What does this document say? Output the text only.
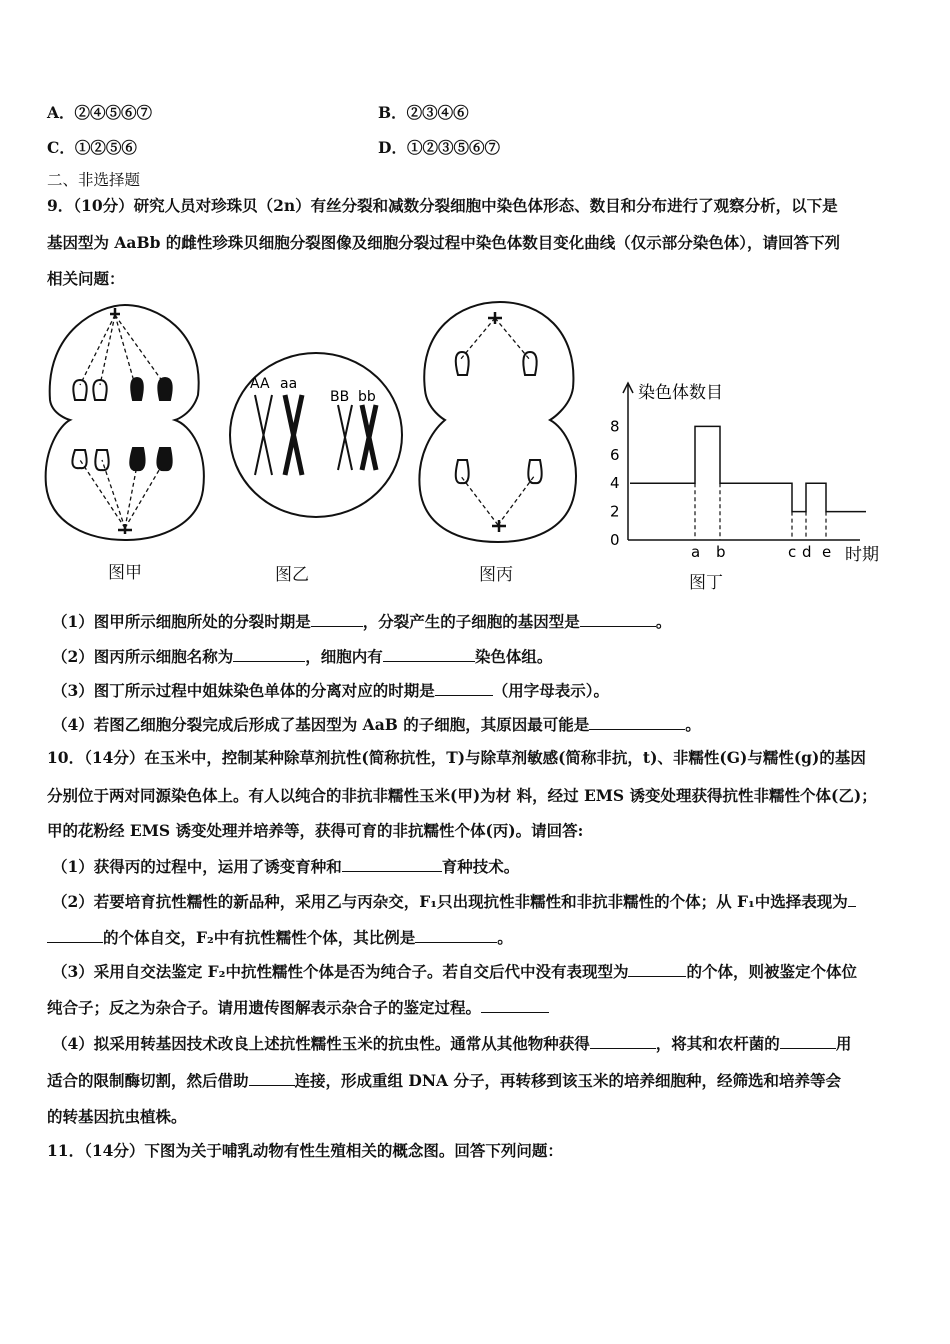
A．②④⑤⑥⑦	B．②③④⑥
C．①②⑤⑥	D．①②③⑤⑥⑦
二、非选择题
9．（10分）研究人员对珍珠贝（2n）有丝分裂和减数分裂细胞中染色体形态、数目和分布进行了观察分析，以下是
基因型为 AaBb 的雌性珍珠贝细胞分裂图像及细胞分裂过程中染色体数目变化曲线（仅示部分染色体），请回答下列
相关问题：
AA aa
BB bb
0
2
4
6
8
a b	c d e
染色体数目
时期
图甲	图乙	图丙	图丁
（1）图甲所示细胞所处的分裂时期是	，分裂产生的子细胞的基因型是	。
（2）图丙所示细胞名称为	，细胞内有	染色体组。
（3）图丁所示过程中姐妹染色单体的分离对应的时期是	（用字母表示）。
（4）若图乙细胞分裂完成后形成了基因型为 AaB 的子细胞，其原因最可能是	。
10．（14分）在玉米中，控制某种除草剂抗性(简称抗性，T)与除草剂敏感(简称非抗，t)、非糯性(G)与糯性(g)的基因
分别位于两对同源染色体上。有人以纯合的非抗非糯性玉米(甲)为材 料，经过 EMS 诱变处理获得抗性非糯性个体(乙)；
甲的花粉经 EMS 诱变处理并培养等，获得可育的非抗糯性个体(丙)。请回答:
（1）获得丙的过程中，运用了诱变育种和	育种技术。
（2）若要培育抗性糯性的新品种，采用乙与丙杂交，F₁只出现抗性非糯性和非抗非糯性的个体；从 F₁中选择表现为
的个体自交，F₂中有抗性糯性个体，其比例是	。
（3）采用自交法鉴定 F₂中抗性糯性个体是否为纯合子。若自交后代中没有表现型为	的个体，则被鉴定个体位
纯合子；反之为杂合子。请用遗传图解表示杂合子的鉴定过程。
（4）拟采用转基因技术改良上述抗性糯性玉米的抗虫性。通常从其他物种获得	，将其和农杆菌的	用
适合的限制酶切割，然后借助	连接，形成重组 DNA 分子，再转移到该玉米的培养细胞种，经筛选和培养等会
的转基因抗虫植株。
11．（14分）下图为关于哺乳动物有性生殖相关的概念图。回答下列问题：
